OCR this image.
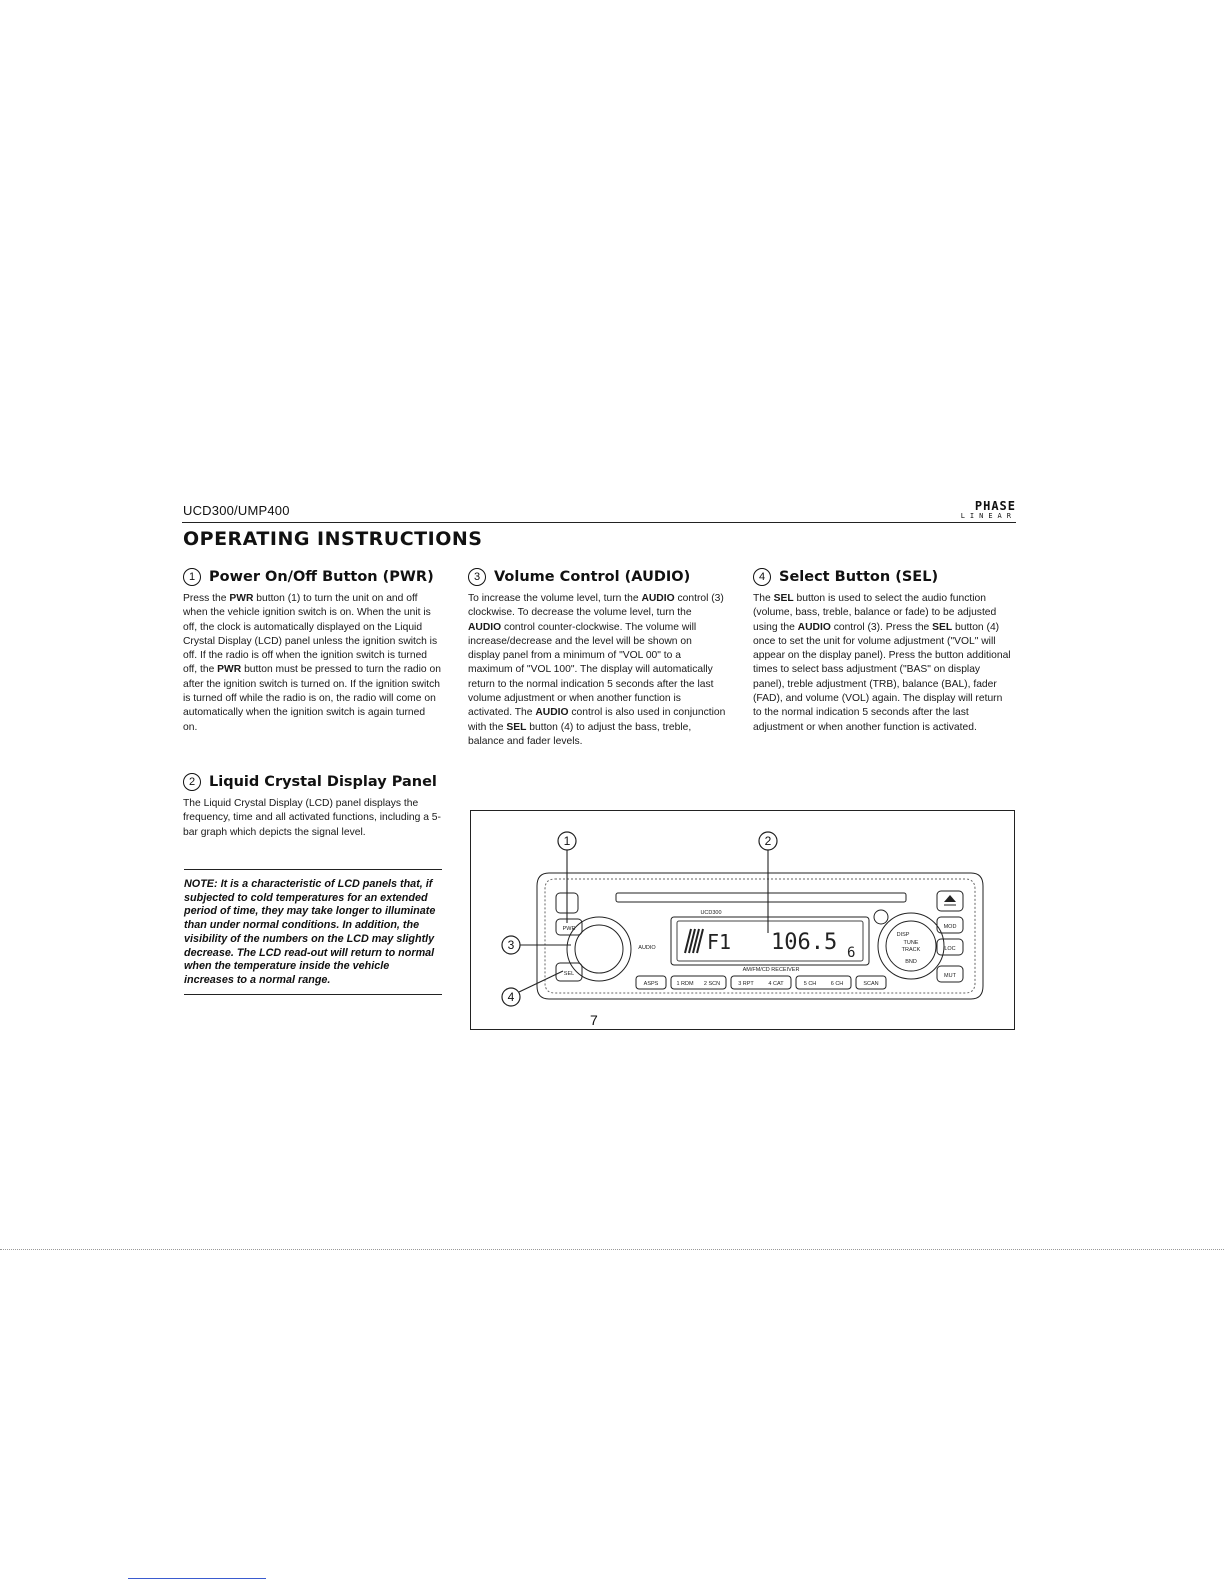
UCD300/UMP400	PHASE
LINEAR
OPERATING INSTRUCTIONS
1 Power On/Off Button (PWR)
Press the PWR button (1) to turn the unit on and off when the vehicle ignition switch is on. When the unit is off, the clock is automatically displayed on the Liquid Crystal Display (LCD) panel unless the ignition switch is off. If the radio is off when the ignition switch is turned off, the PWR button must be pressed to turn the radio on after the ignition switch is turned on. If the ignition switch is turned off while the radio is on, the radio will come on automatically when the ignition switch is again turned on.
2 Liquid Crystal Display Panel
The Liquid Crystal Display (LCD) panel displays the frequency, time and all activated functions, including a 5-bar graph which depicts the signal level.
NOTE: It is a characteristic of LCD panels that, if subjected to cold temperatures for an extended period of time, they may take longer to illuminate than under normal conditions. In addition, the visibility of the numbers on the LCD may slightly decrease. The LCD read-out will return to normal when the temperature inside the vehicle increases to a normal range.
3 Volume Control (AUDIO)
To increase the volume level, turn the AUDIO control (3) clockwise. To decrease the volume level, turn the AUDIO control counter-clockwise. The volume will increase/decrease and the level will be shown on display panel from a minimum of "VOL 00" to a maximum of "VOL 100". The display will automatically return to the normal indication 5 seconds after the last volume adjustment or when another function is activated. The AUDIO control is also used in conjunction with the SEL button (4) to adjust the bass, treble, balance and fader levels.
4 Select Button (SEL)
The SEL button is used to select the audio function (volume, bass, treble, balance or fade) to be adjusted using the AUDIO control (3). Press the SEL button (4) once to set the unit for volume adjustment ("VOL" will appear on the display panel). Press the button additional times to select bass adjustment ("BAS" on display panel), treble adjustment (TRB), balance (BAL), fader (FAD), and volume (VOL) again. The display will return to the normal indication 5 seconds after the last adjustment or when another function is activated.
1	2
3
4
F1 106.5 6
UCD300
AM/FM/CD RECEIVER
PWR
SEL
MOD
LOC
MUT
ASPS	1 RDM 2 SCN	3 RPT	4 CAT	5 CH	6 CH	SCAN
DISP
TUNE
TRACK
BND
AUDIO
7
